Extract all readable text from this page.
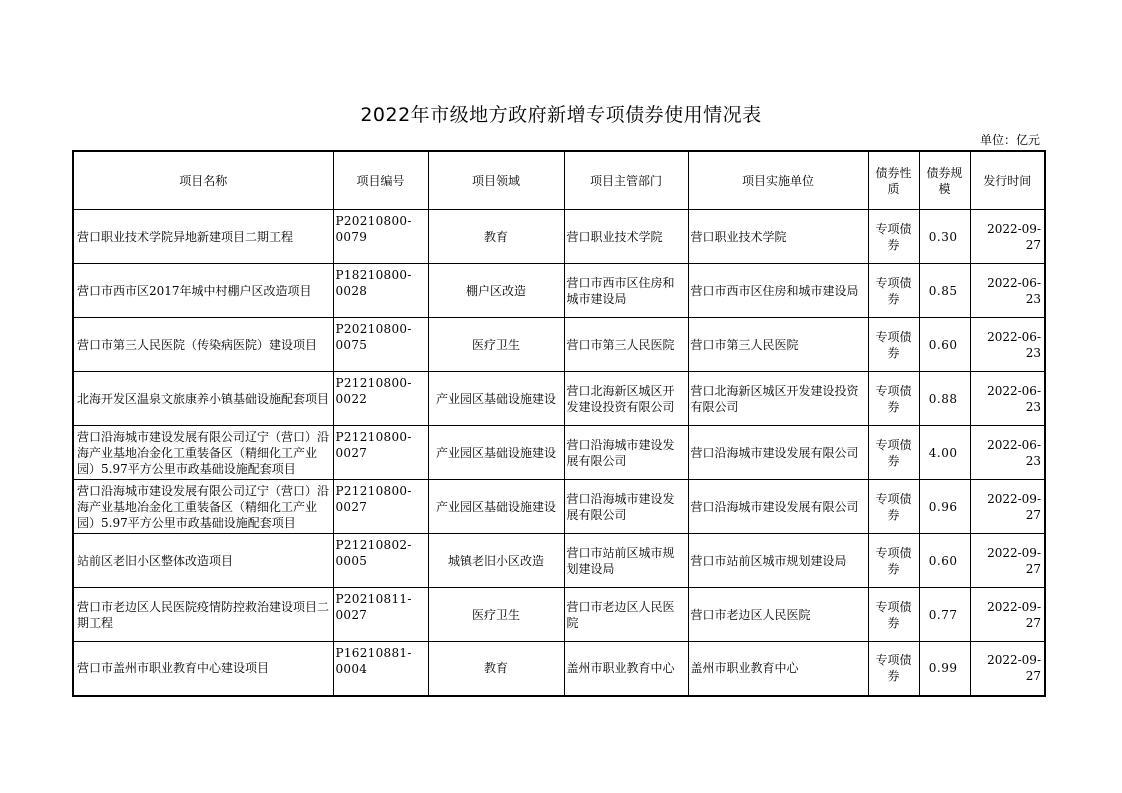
2022年市级地方政府新增专项债券使用情况表
单位：亿元
项目名称	项目编号	项目领域	项目主管部门	项目实施单位	债券性质	债券规模	发行时间

营口职业技术学院异地新建项目二期工程	P20210800-0079	教育	营口职业技术学院	营口职业技术学院	专项债券	0.30	2022-09-27

营口市西市区2017年城中村棚户区改造项目	P18210800-0028	棚户区改造	营口市西市区住房和城市建设局	营口市西市区住房和城市建设局	专项债券	0.85	2022-06-23

营口市第三人民医院（传染病医院）建设项目	P20210800-0075	医疗卫生	营口市第三人民医院	营口市第三人民医院	专项债券	0.60	2022-06-23

北海开发区温泉文旅康养小镇基础设施配套项目	P21210800-0022	产业园区基础设施建设	营口北海新区城区开发建设投资有限公司	营口北海新区城区开发建设投资有限公司	专项债券	0.88	2022-06-23

营口沿海城市建设发展有限公司辽宁（营口）沿海产业基地冶金化工重装备区（精细化工产业园）5.97平方公里市政基础设施配套项目	P21210800-0027	产业园区基础设施建设	营口沿海城市建设发展有限公司	营口沿海城市建设发展有限公司	专项债券	4.00	2022-06-23

营口沿海城市建设发展有限公司辽宁（营口）沿海产业基地冶金化工重装备区（精细化工产业园）5.97平方公里市政基础设施配套项目	P21210800-0027	产业园区基础设施建设	营口沿海城市建设发展有限公司	营口沿海城市建设发展有限公司	专项债券	0.96	2022-09-27

站前区老旧小区整体改造项目	P21210802-0005	城镇老旧小区改造	营口市站前区城市规划建设局	营口市站前区城市规划建设局	专项债券	0.60	2022-09-27

营口市老边区人民医院疫情防控救治建设项目二期工程	P20210811-0027	医疗卫生	营口市老边区人民医院	营口市老边区人民医院	专项债券	0.77	2022-09-27

营口市盖州市职业教育中心建设项目	P16210881-0004	教育	盖州市职业教育中心	盖州市职业教育中心	专项债券	0.99	2022-09-27
